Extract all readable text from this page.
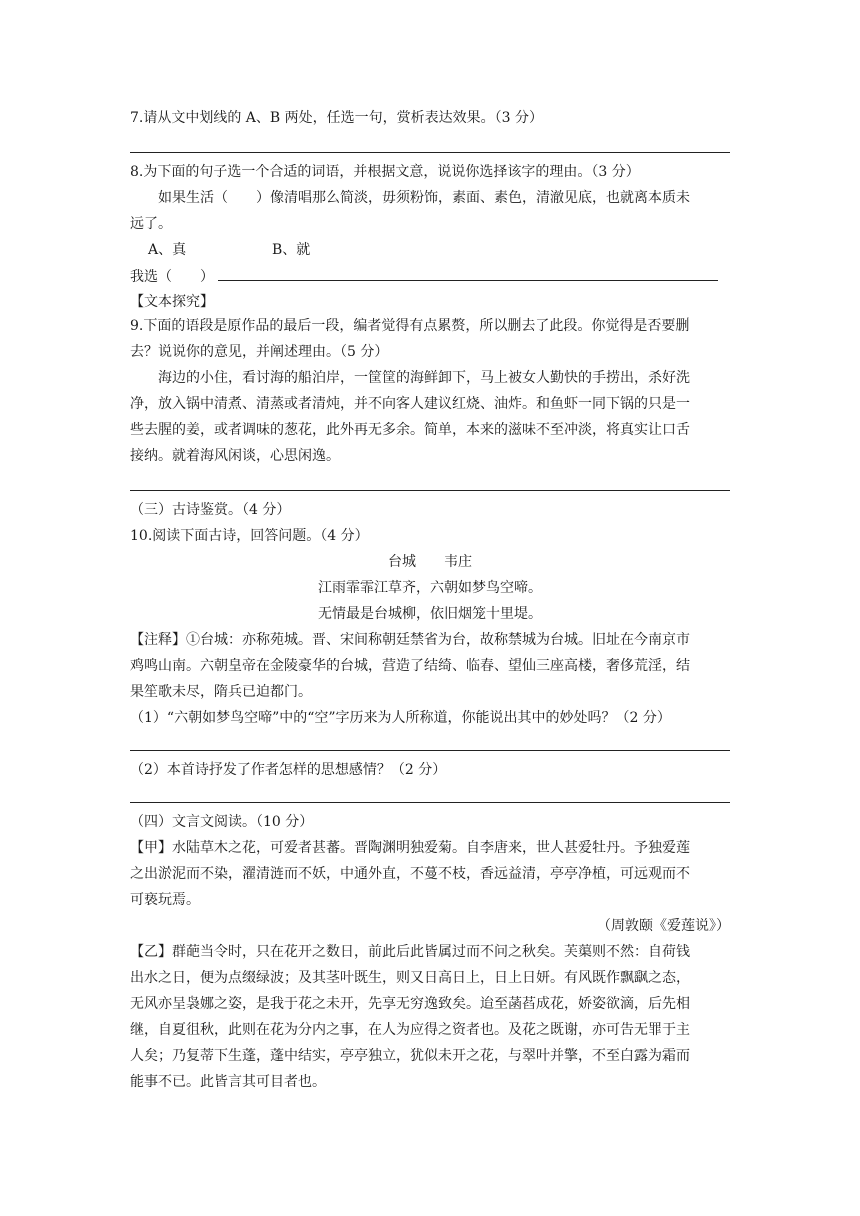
7.请从文中划线的 A、B 两处，任选一句，赏析表达效果。（3 分）
8.为下面的句子选一个合适的词语，并根据文意，说说你选择该字的理由。（3 分）
如果生活（　　）像清唱那么简淡，毋须粉饰，素面、素色，清澈见底，也就离本质未
远了。
A、真	B、就
我选（　　）
【文本探究】
9.下面的语段是原作品的最后一段，编者觉得有点累赘，所以删去了此段。你觉得是否要删
去？说说你的意见，并阐述理由。（5 分）
海边的小住，看讨海的船泊岸，一筐筐的海鲜卸下，马上被女人勤快的手捞出，杀好洗
净，放入锅中清煮、清蒸或者清炖，并不向客人建议红烧、油炸。和鱼虾一同下锅的只是一
些去腥的姜，或者调味的葱花，此外再无多余。简单，本来的滋味不至冲淡，将真实让口舌
接纳。就着海风闲谈，心思闲逸。
（三）古诗鉴赏。（4 分）
10.阅读下面古诗，回答问题。（4 分）
台城　　韦庄
江雨霏霏江草齐，六朝如梦鸟空啼。
无情最是台城柳，依旧烟笼十里堤。
【注释】①台城：亦称苑城。晋、宋间称朝廷禁省为台，故称禁城为台城。旧址在今南京市
鸡鸣山南。六朝皇帝在金陵豪华的台城，营造了结绮、临春、望仙三座高楼，奢侈荒淫，结
果笙歌未尽，隋兵已迫都门。
（1）“六朝如梦鸟空啼”中的“空”字历来为人所称道，你能说出其中的妙处吗？（2 分）
（2）本首诗抒发了作者怎样的思想感情？（2 分）
（四）文言文阅读。（10 分）
【甲】水陆草木之花，可爱者甚蕃。晋陶渊明独爱菊。自李唐来，世人甚爱牡丹。予独爱莲
之出淤泥而不染，濯清涟而不妖，中通外直，不蔓不枝，香远益清，亭亭净植，可远观而不
可亵玩焉。
（周敦颐《爱莲说》）
【乙】群葩当令时，只在花开之数日，前此后此皆属过而不问之秋矣。芙蕖则不然：自荷钱
出水之日，便为点缀绿波；及其茎叶既生，则又日高日上，日上日妍。有风既作飘飖之态，
无风亦呈袅娜之姿，是我于花之未开，先享无穷逸致矣。迨至菡萏成花，娇姿欲滴，后先相
继，自夏徂秋，此则在花为分内之事，在人为应得之资者也。及花之既谢，亦可告无罪于主
人矣；乃复蒂下生蓬，蓬中结实，亭亭独立，犹似未开之花，与翠叶并擎，不至白露为霜而
能事不已。此皆言其可目者也。
